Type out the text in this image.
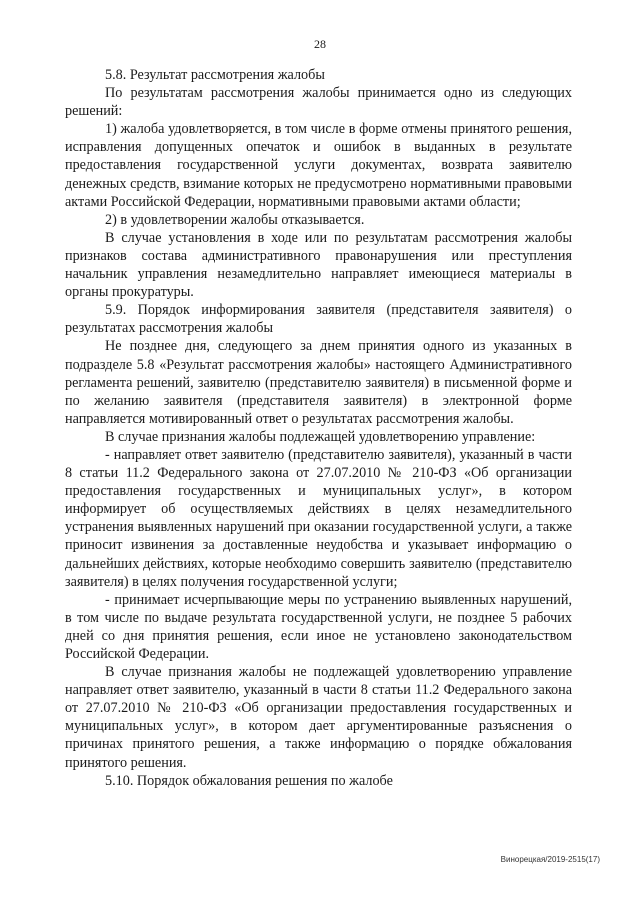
28

5.8. Результат рассмотрения жалобы

По результатам рассмотрения жалобы принимается одно из следующих решений:

1) жалоба удовлетворяется, в том числе в форме отмены принятого решения, исправления допущенных опечаток и ошибок в выданных в результате предоставления государственной услуги документах, возврата заявителю денежных средств, взимание которых не предусмотрено нормативными правовыми актами Российской Федерации, нормативными правовыми актами области;

2) в удовлетворении жалобы отказывается.

В случае установления в ходе или по результатам рассмотрения жалобы признаков состава административного правонарушения или преступления начальник управления незамедлительно направляет имеющиеся материалы в органы прокуратуры.

5.9. Порядок информирования заявителя (представителя заявителя) о результатах рассмотрения жалобы

Не позднее дня, следующего за днем принятия одного из указанных в подразделе 5.8 «Результат рассмотрения жалобы» настоящего Административного регламента решений, заявителю (представителю заявителя) в письменной форме и по желанию заявителя (представителя заявителя) в электронной форме направляется мотивированный ответ о результатах рассмотрения жалобы.

В случае признания жалобы подлежащей удовлетворению управление:

- направляет ответ заявителю (представителю заявителя), указанный в части 8 статьи 11.2 Федерального закона от 27.07.2010 № 210-ФЗ «Об организации предоставления государственных и муниципальных услуг», в котором информирует об осуществляемых действиях в целях незамедлительного устранения выявленных нарушений при оказании государственной услуги, а также приносит извинения за доставленные неудобства и указывает информацию о дальнейших действиях, которые необходимо совершить заявителю (представителю заявителя) в целях получения государственной услуги;

- принимает исчерпывающие меры по устранению выявленных нарушений, в том числе по выдаче результата государственной услуги, не позднее 5 рабочих дней со дня принятия решения, если иное не установлено законодательством Российской Федерации.

В случае признания жалобы не подлежащей удовлетворению управление направляет ответ заявителю, указанный в части 8 статьи 11.2 Федерального закона от 27.07.2010 № 210-ФЗ «Об организации предоставления государственных и муниципальных услуг», в котором дает аргументированные разъяснения о причинах принятого решения, а также информацию о порядке обжалования принятого решения.

5.10. Порядок обжалования решения по жалобе

Винорецкая/2019-2515(17)
